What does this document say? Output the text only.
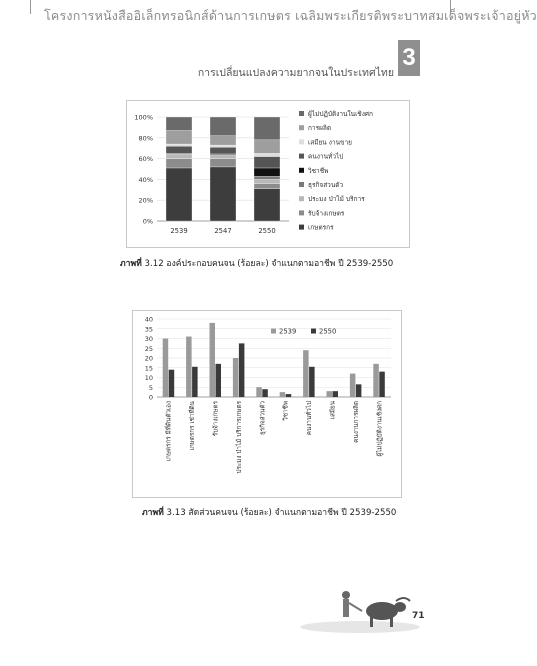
โครงการหนังสืออิเล็กทรอนิกส์ด้านการเกษตร เฉลิมพระเกียรติพระบาทสมเด็จพระเจ้าอยู่หัว
การเปลี่ยนแปลงความยากจนในประเทศไทย
3
0%
20%
40%
60%
80%
100%
2539	2547	2550
ผู้ไม่ปฏิบัติงานในเชิงศก
การผลิต
เสมียน งานขาย
คนงานทั่วไป
วิชาชีพ
ธุรกิจส่วนตัว
ประมง ป่าไม้ บริการ
รับจ้างเกษตร
เกษตรกร
ภาพที่ 3.12 องค์ประกอบคนจน (ร้อยละ) จำแนกตามอาชีพ ปี 2539-2550
0
5
10
15
20
25
30
35
40
เกษตรกร มีที่ดินตัวเอง	เกษตรกร เช่าที่ดิน	รับจ้างเกษตร	ประมง ป่าไม้ บริการเกษตร	ธุรกิจส่วนตัว	วิชาชีพ	คนงานทั่วไป	เสมียน	คนงานการผลิต	ผู้ไม่ปฏิบัติงานเชิงศก
2539	2550
ภาพที่ 3.13 สัดส่วนคนจน (ร้อยละ) จำแนกตามอาชีพ ปี 2539-2550
71
